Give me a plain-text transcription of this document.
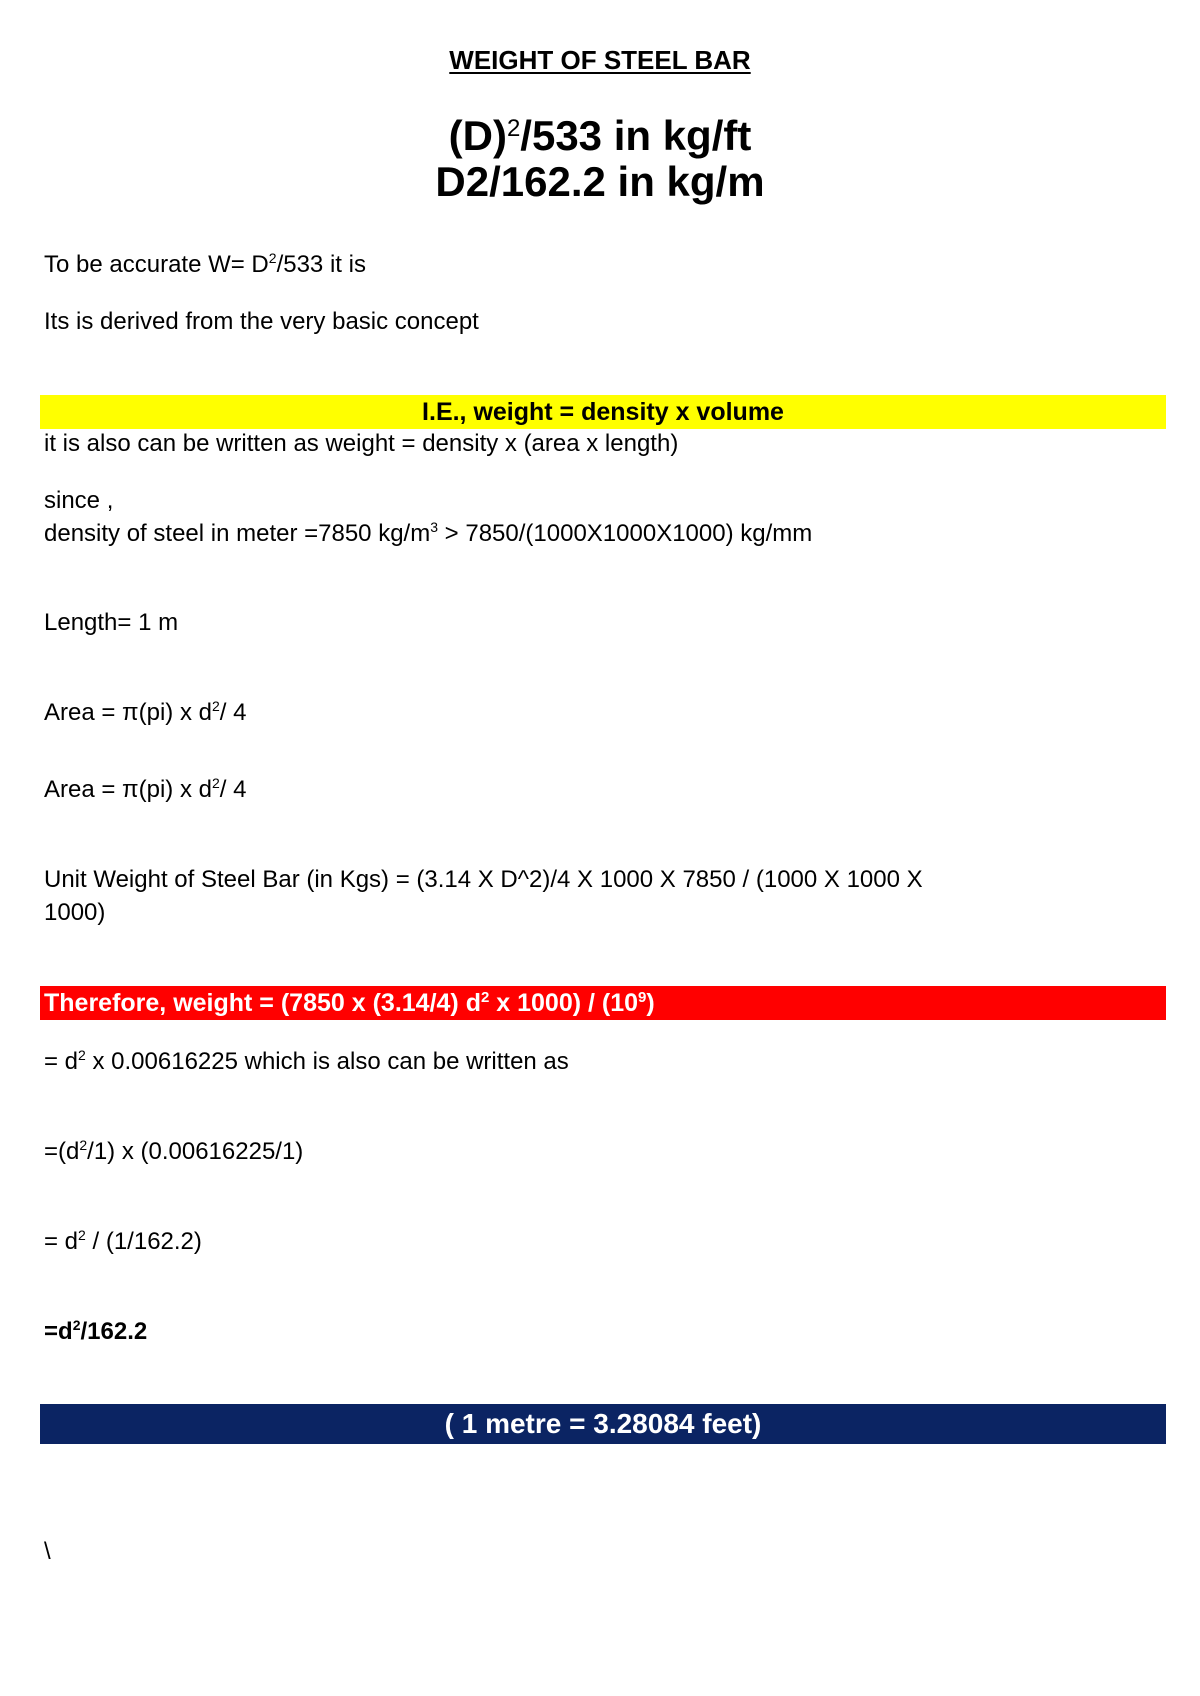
WEIGHT OF STEEL BAR
$(D)^2/533$ in kg/ft
D2/162.2 in kg/m
To be accurate $W= D^2/533$ it is
Its is derived from the very basic concept
I.E., weight = density x volume
it is also can be written as weight = density x (area x length)
since ,
density of steel in meter =7850 $kg/m^3 > 7850/(1000X1000X1000)$ kg/mm
Length= 1 m
Area = π(pi) x $d^2/$ 4
Area = π(pi) x $d^2/$ 4
Unit Weight of Steel Bar (in Kgs) = (3.14 X D^2)/4 X 1000 X 7850 / (1000 X 1000 X
1000)
Therefore, weight = (7850 x (3.14/4) $d^2$ x $1000) / (10^9)$
= $d^2$ x 0.00616225 which is also can be written as
$=(d^2/1)$ x (0.00616225/1)
= $d^2 / (1/162.2)$
$=d^2/162.2$
( 1 metre = 3.28084 feet)
\
